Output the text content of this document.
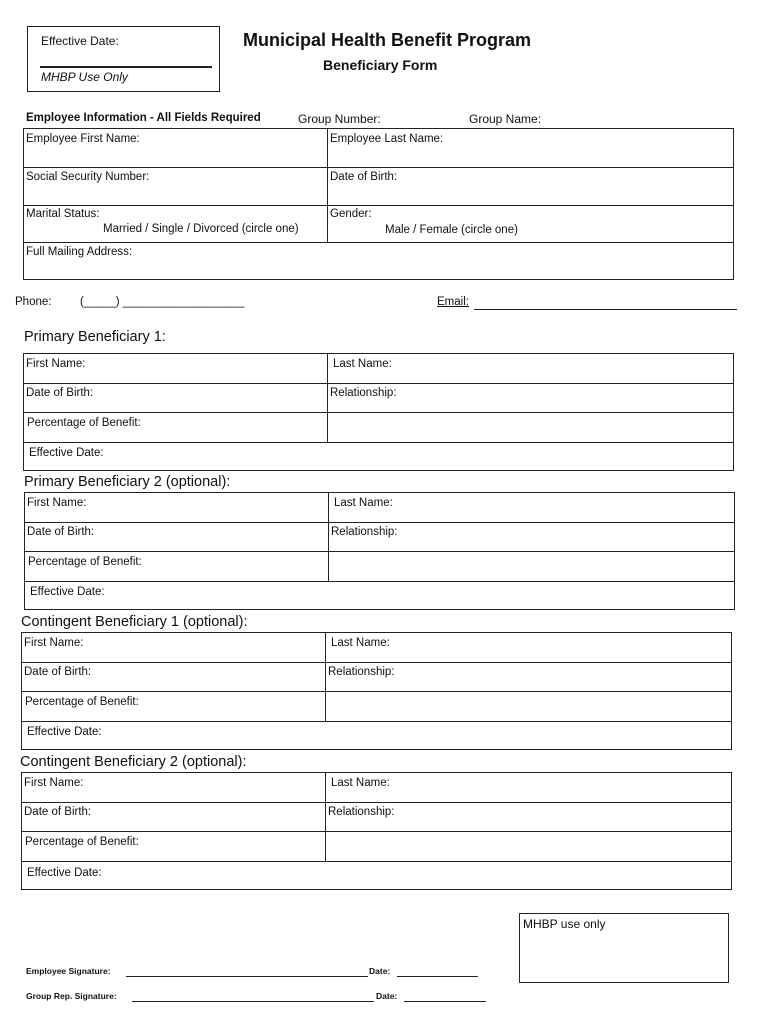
Effective Date:
MHBP Use Only
Municipal Health Benefit Program
Beneficiary Form
Employee Information - All Fields Required	Group Number:	Group Name:
Employee First Name:	Employee Last Name:
Social Security Number:	Date of Birth:
Marital Status:
Married / Single / Divorced (circle one)
Gender:
Male / Female (circle one)
Full Mailing Address:
Phone: (_____) ___________________	Email:
Primary Beneficiary 1:
First Name:	Last Name:
Date of Birth:	Relationship:
Percentage of Benefit:
Effective Date:
Primary Beneficiary 2 (optional):
First Name:	Last Name:
Date of Birth:	Relationship:
Percentage of Benefit:
Effective Date:
Contingent Beneficiary 1 (optional):
First Name:	Last Name:
Date of Birth:	Relationship:
Percentage of Benefit:
Effective Date:
Contingent Beneficiary 2 (optional):
First Name:	Last Name:
Date of Birth:	Relationship:
Percentage of Benefit:
Effective Date:
MHBP use only
Employee Signature:	Date:
Group Rep. Signature:	Date:
